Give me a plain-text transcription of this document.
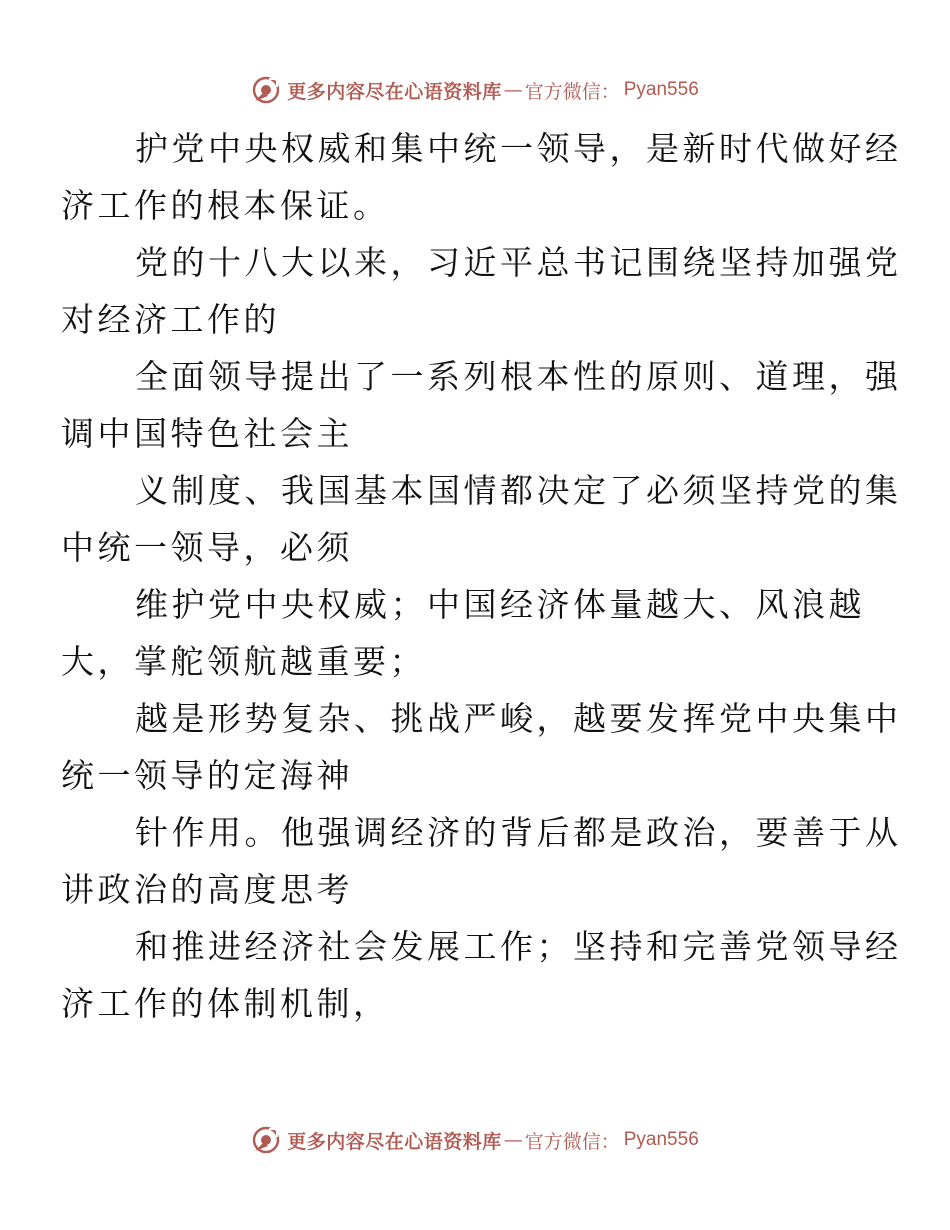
更多内容尽在心语资料库 — 官方微信： Pyan556

护党中央权威和集中统一领导，是新时代做好经
济工作的根本保证。

党的十八大以来，习近平总书记围绕坚持加强党
对经济工作的

全面领导提出了一系列根本性的原则、道理，强
调中国特色社会主

义制度、我国基本国情都决定了必须坚持党的集
中统一领导，必须

维护党中央权威；中国经济体量越大、风浪越
大，掌舵领航越重要；

越是形势复杂、挑战严峻，越要发挥党中央集中
统一领导的定海神

针作用。他强调经济的背后都是政治，要善于从
讲政治的高度思考

和推进经济社会发展工作；坚持和完善党领导经
济工作的体制机制，

更多内容尽在心语资料库 — 官方微信： Pyan556
